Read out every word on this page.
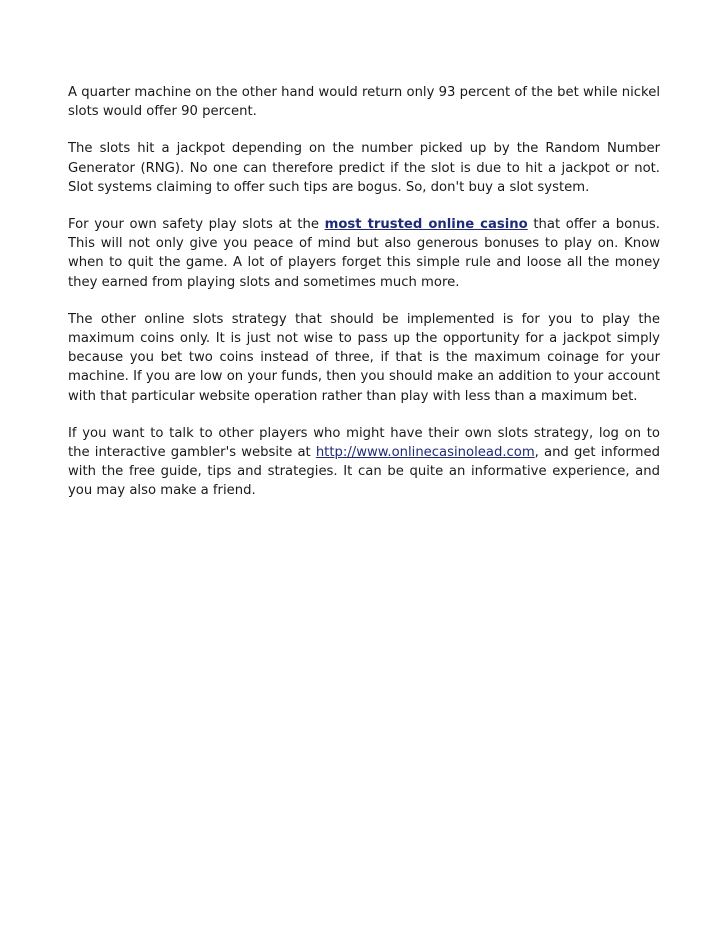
A quarter machine on the other hand would return only 93 percent of the bet while nickel slots would offer 90 percent.

The slots hit a jackpot depending on the number picked up by the Random Number Generator (RNG). No one can therefore predict if the slot is due to hit a jackpot or not. Slot systems claiming to offer such tips are bogus. So, don't buy a slot system.

For your own safety play slots at the most trusted online casino that offer a bonus. This will not only give you peace of mind but also generous bonuses to play on. Know when to quit the game. A lot of players forget this simple rule and loose all the money they earned from playing slots and sometimes much more.

The other online slots strategy that should be implemented is for you to play the maximum coins only. It is just not wise to pass up the opportunity for a jackpot simply because you bet two coins instead of three, if that is the maximum coinage for your machine. If you are low on your funds, then you should make an addition to your account with that particular website operation rather than play with less than a maximum bet.

If you want to talk to other players who might have their own slots strategy, log on to the interactive gambler's website at http://www.onlinecasinolead.com, and get informed with the free guide, tips and strategies. It can be quite an informative experience, and you may also make a friend.
